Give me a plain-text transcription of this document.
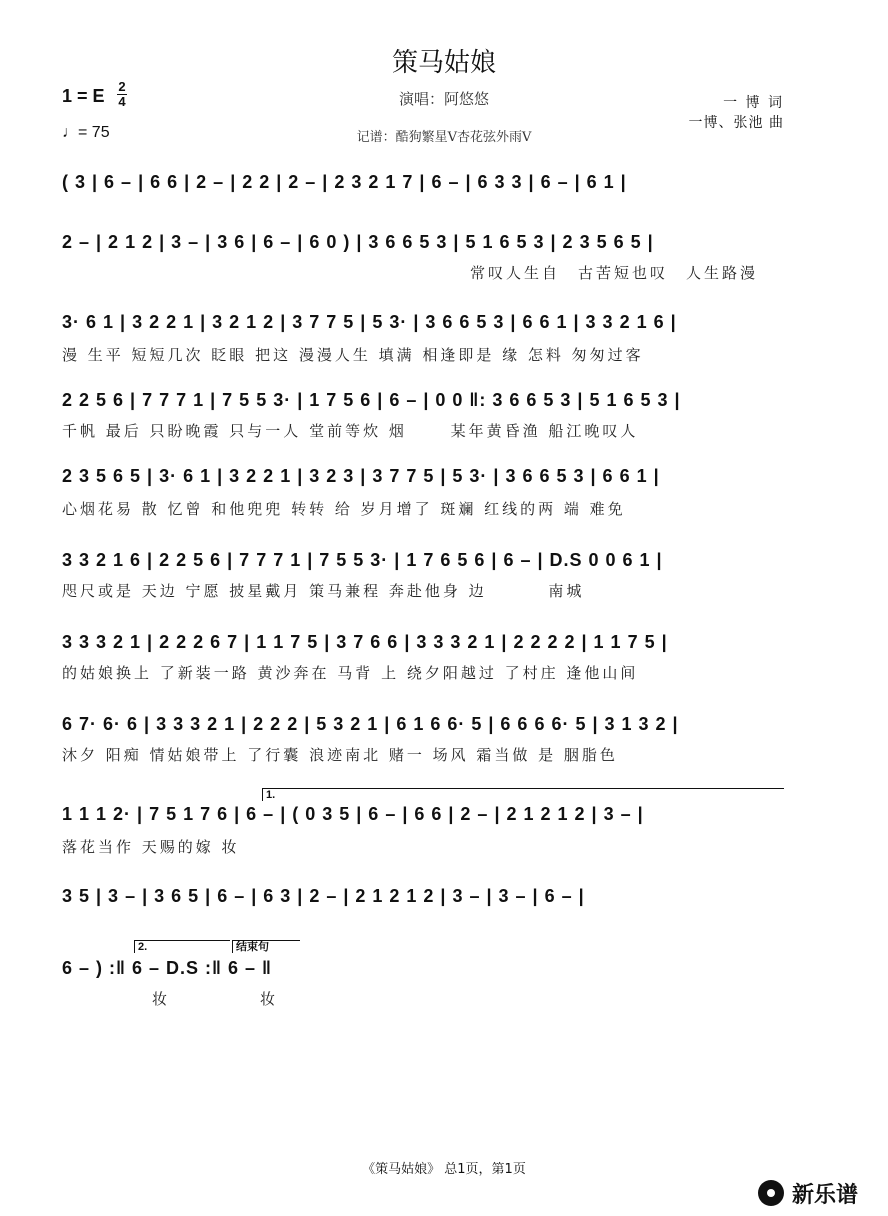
策马姑娘
演唱：阿悠悠
记谱：酷狗繁星V杏花弦外雨V
1 = E 2
4
♩= 75
一 博 词
一博、张池 曲
( 3 | 6 – | 6 6 | 2 – | 2 2 | 2 – | 2 3 2 1 7 | 6 – | 6 3 3 | 6 – | 6 1 |
2 – | 2 1 2 | 3 – | 3 6 | 6 – | 6 0 ) | 3 6 6 5 3 | 5 1 6 5 3 | 2 3 5 6 5 |
常叹人生自　古苦短也叹　人生路漫
3· 6 1 | 3 2 2 1 | 3 2 1 2 | 3 7 7 5 | 5 3· | 3 6 6 5 3 | 6 6 1 | 3 3 2 1 6 |
漫 生平 短短几次 眨眼 把这 漫漫人生 填满 相逢即是 缘 怎料 匆匆过客
2 2 5 6 | 7 7 7 1 | 7 5 5 3· | 1 7 5 6 | 6 – | 0 0 ‖: 3 6 6 5 3 | 5 1 6 5 3 |
千帆 最后 只盼晚霞 只与一人 堂前等炊 烟　　 某年黄昏渔 船江晚叹人
2 3 5 6 5 | 3· 6 1 | 3 2 2 1 | 3 2 3 | 3 7 7 5 | 5 3· | 3 6 6 5 3 | 6 6 1 |
心烟花易 散 忆曾 和他兜兜 转转 给 岁月增了 斑斓 红线的两 端 难免
3 3 2 1 6 | 2 2 5 6 | 7 7 7 1 | 7 5 5 3· | 1 7 6 5 6 | 6 – | D.S 0 0 6 1 |
咫尺或是 天边 宁愿 披星戴月 策马兼程 奔赴他身 边　　　 南城
3 3 3 2 1 | 2 2 2 6 7 | 1 1 7 5 | 3 7 6 6 | 3 3 3 2 1 | 2 2 2 2 | 1 1 7 5 |
的姑娘换上 了新装一路 黄沙奔在 马背 上 绕夕阳越过 了村庄 逢他山间
6 7· 6· 6 | 3 3 3 2 1 | 2 2 2 | 5 3 2 1 | 6 1 6 6· 5 | 6 6 6 6· 5 | 3 1 3 2 |
沐夕 阳痴 情姑娘带上 了行囊 浪迹南北 赌一 场风 霜当做 是 胭脂色
1.
1 1 1 2· | 7 5 1 7 6 | 6 – | ( 0 3 5 | 6 – | 6 6 | 2 – | 2 1 2 1 2 | 3 – |
落花当作 天赐的嫁 妆
3 5 | 3 – | 3 6 5 | 6 – | 6 3 | 2 – | 2 1 2 1 2 | 3 – | 3 – | 6 – |
2.	结束句
6 – ) :‖ 6 – D.S :‖ 6 – ‖
　　　　　妆　　　　　妆
《策马姑娘》 总1页，第1页
新乐谱
